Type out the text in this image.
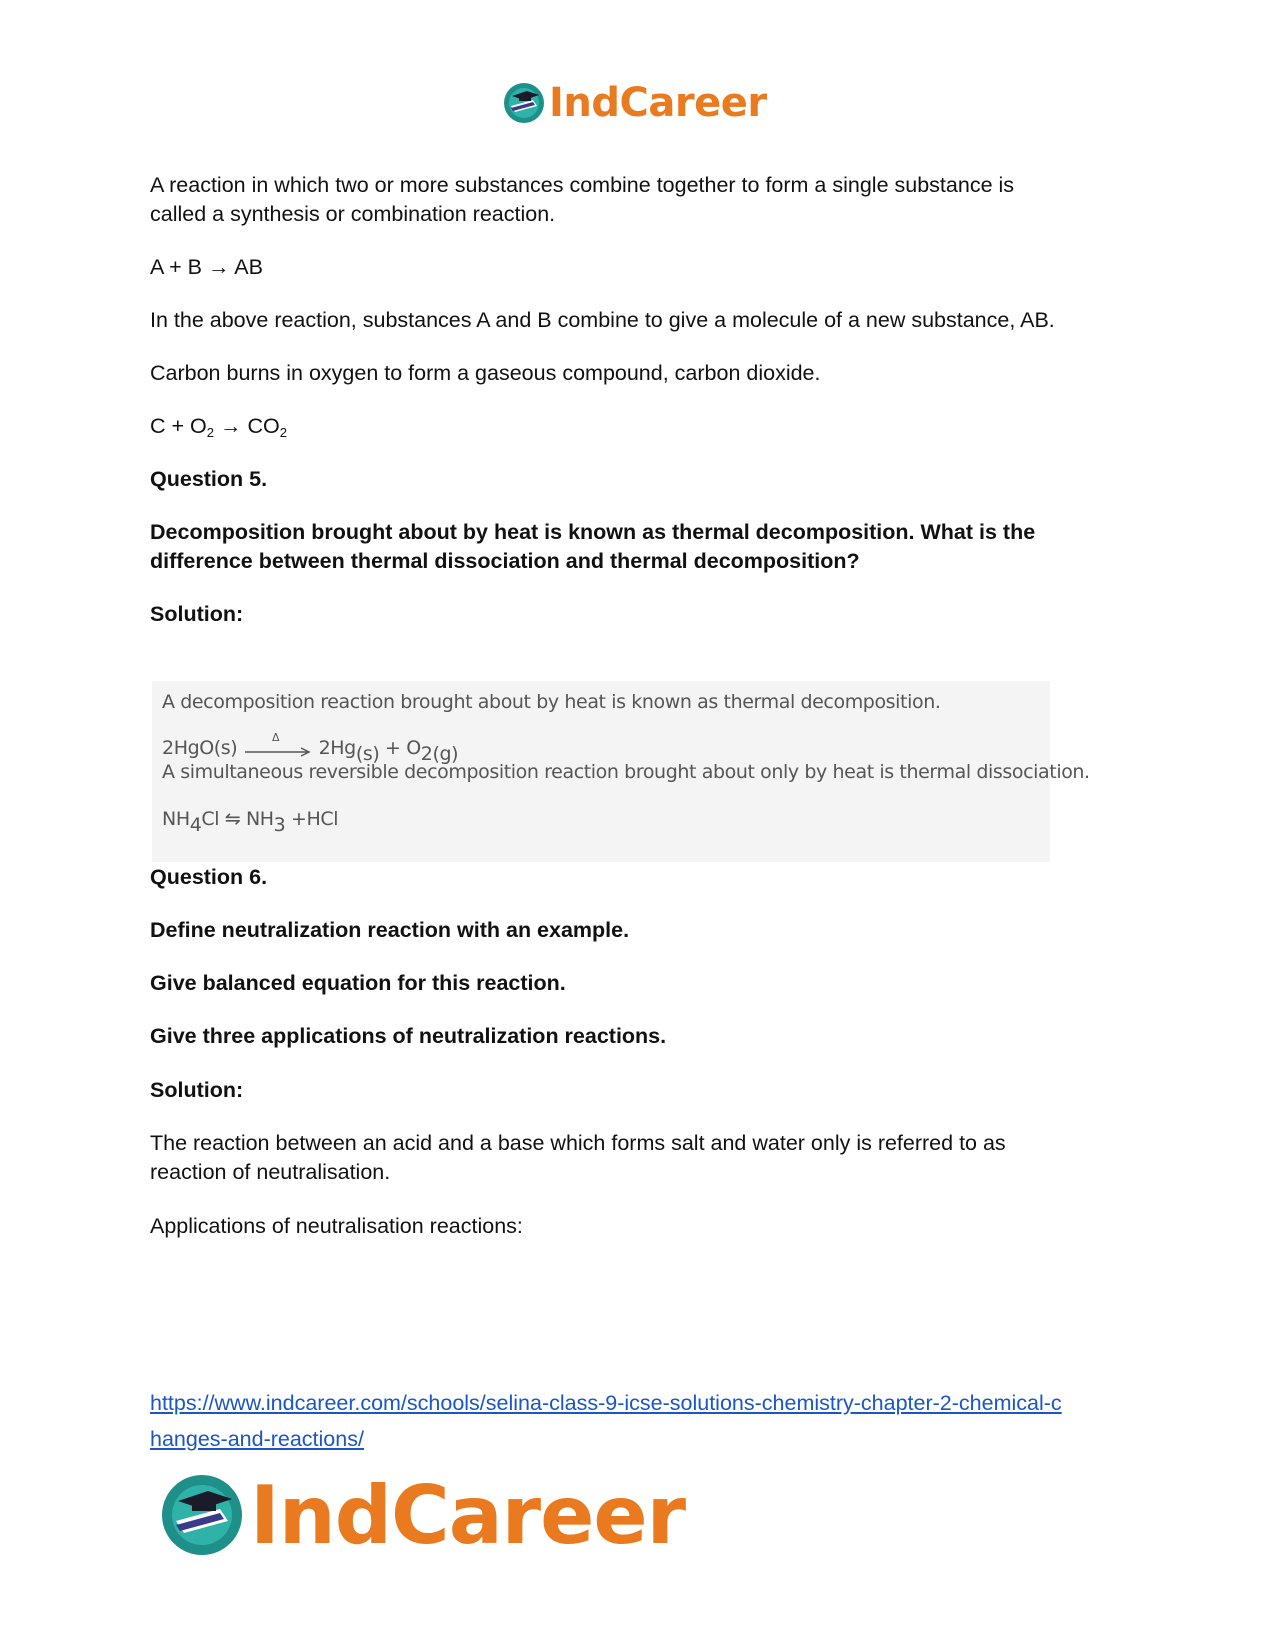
IndCareer
A reaction in which two or more substances combine together to form a single substance is
called a synthesis or combination reaction.
A + B → AB
In the above reaction, substances A and B combine to give a molecule of a new substance, AB.
Carbon burns in oxygen to form a gaseous compound, carbon dioxide.
$C + O_2 \to CO_2$
Question 5.
Decomposition brought about by heat is known as thermal decomposition. What is the
difference between thermal dissociation and thermal decomposition?
Solution:
Question 6.
Define neutralization reaction with an example.
Give balanced equation for this reaction.
Give three applications of neutralization reactions.
Solution:
The reaction between an acid and a base which forms salt and water only is referred to as
reaction of neutralisation.
Applications of neutralisation reactions:
A decomposition reaction brought about by heat is known as thermal decomposition.
2HgO(s)	Δ $2Hg_{(s)} + O_{2(g)}$
A simultaneous reversible decomposition reaction brought about only by heat is thermal dissociation.
$NH_4Cl$ ⇋ $NH_3 +HCl$
https://www.indcareer.com/schools/selina-class-9-icse-solutions-chemistry-chapter-2-chemical-c
hanges-and-reactions/
IndCareer
